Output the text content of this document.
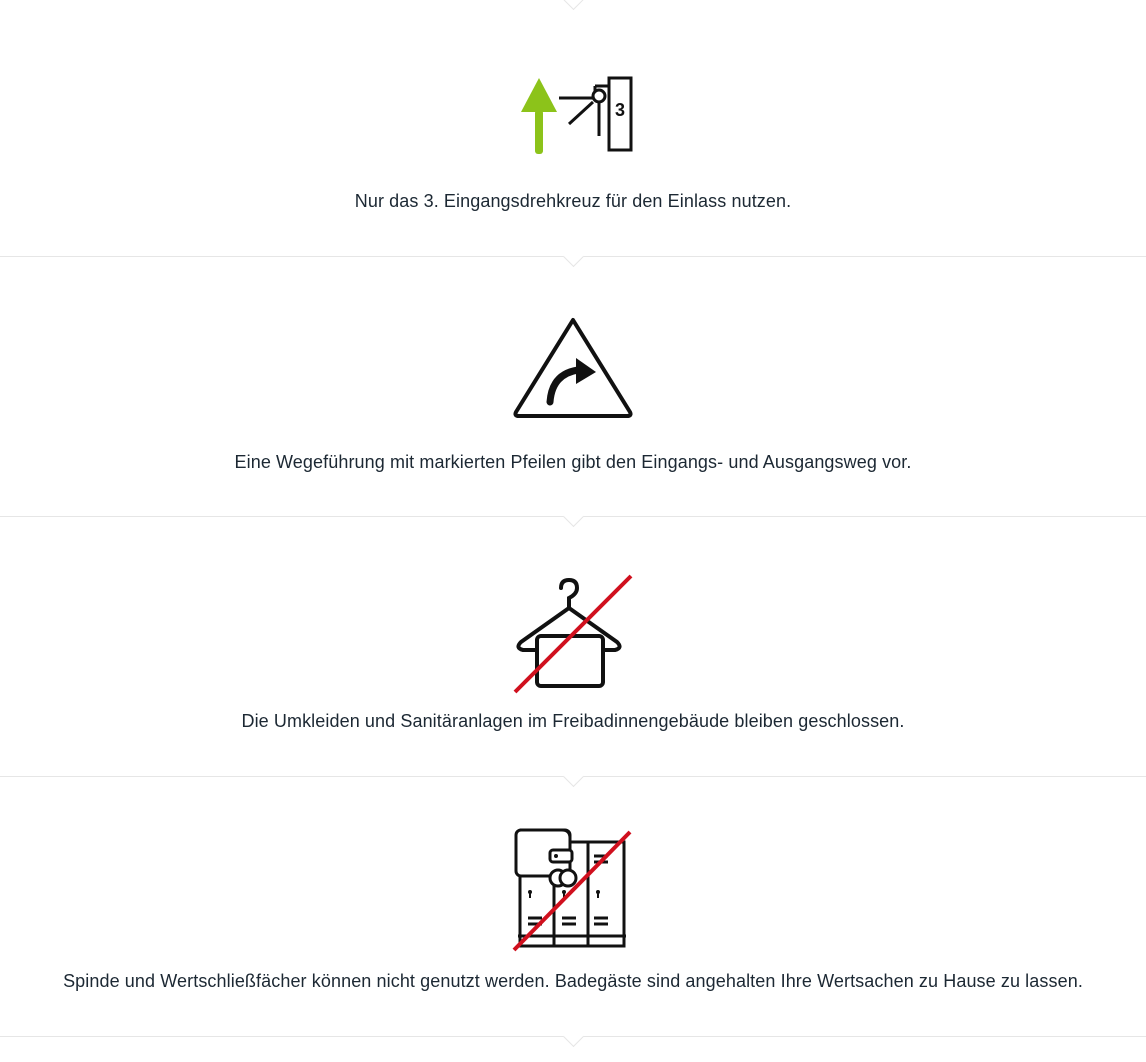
3
Nur das 3. Eingangsdrehkreuz für den Einlass nutzen.
Eine Wegeführung mit markierten Pfeilen gibt den Eingangs- und Ausgangsweg vor.
Die Umkleiden und Sanitäranlagen im Freibadinnengebäude bleiben geschlossen.
Spinde und Wertschließfächer können nicht genutzt werden. Badegäste sind angehalten Ihre Wertsachen zu Hause zu lassen.
